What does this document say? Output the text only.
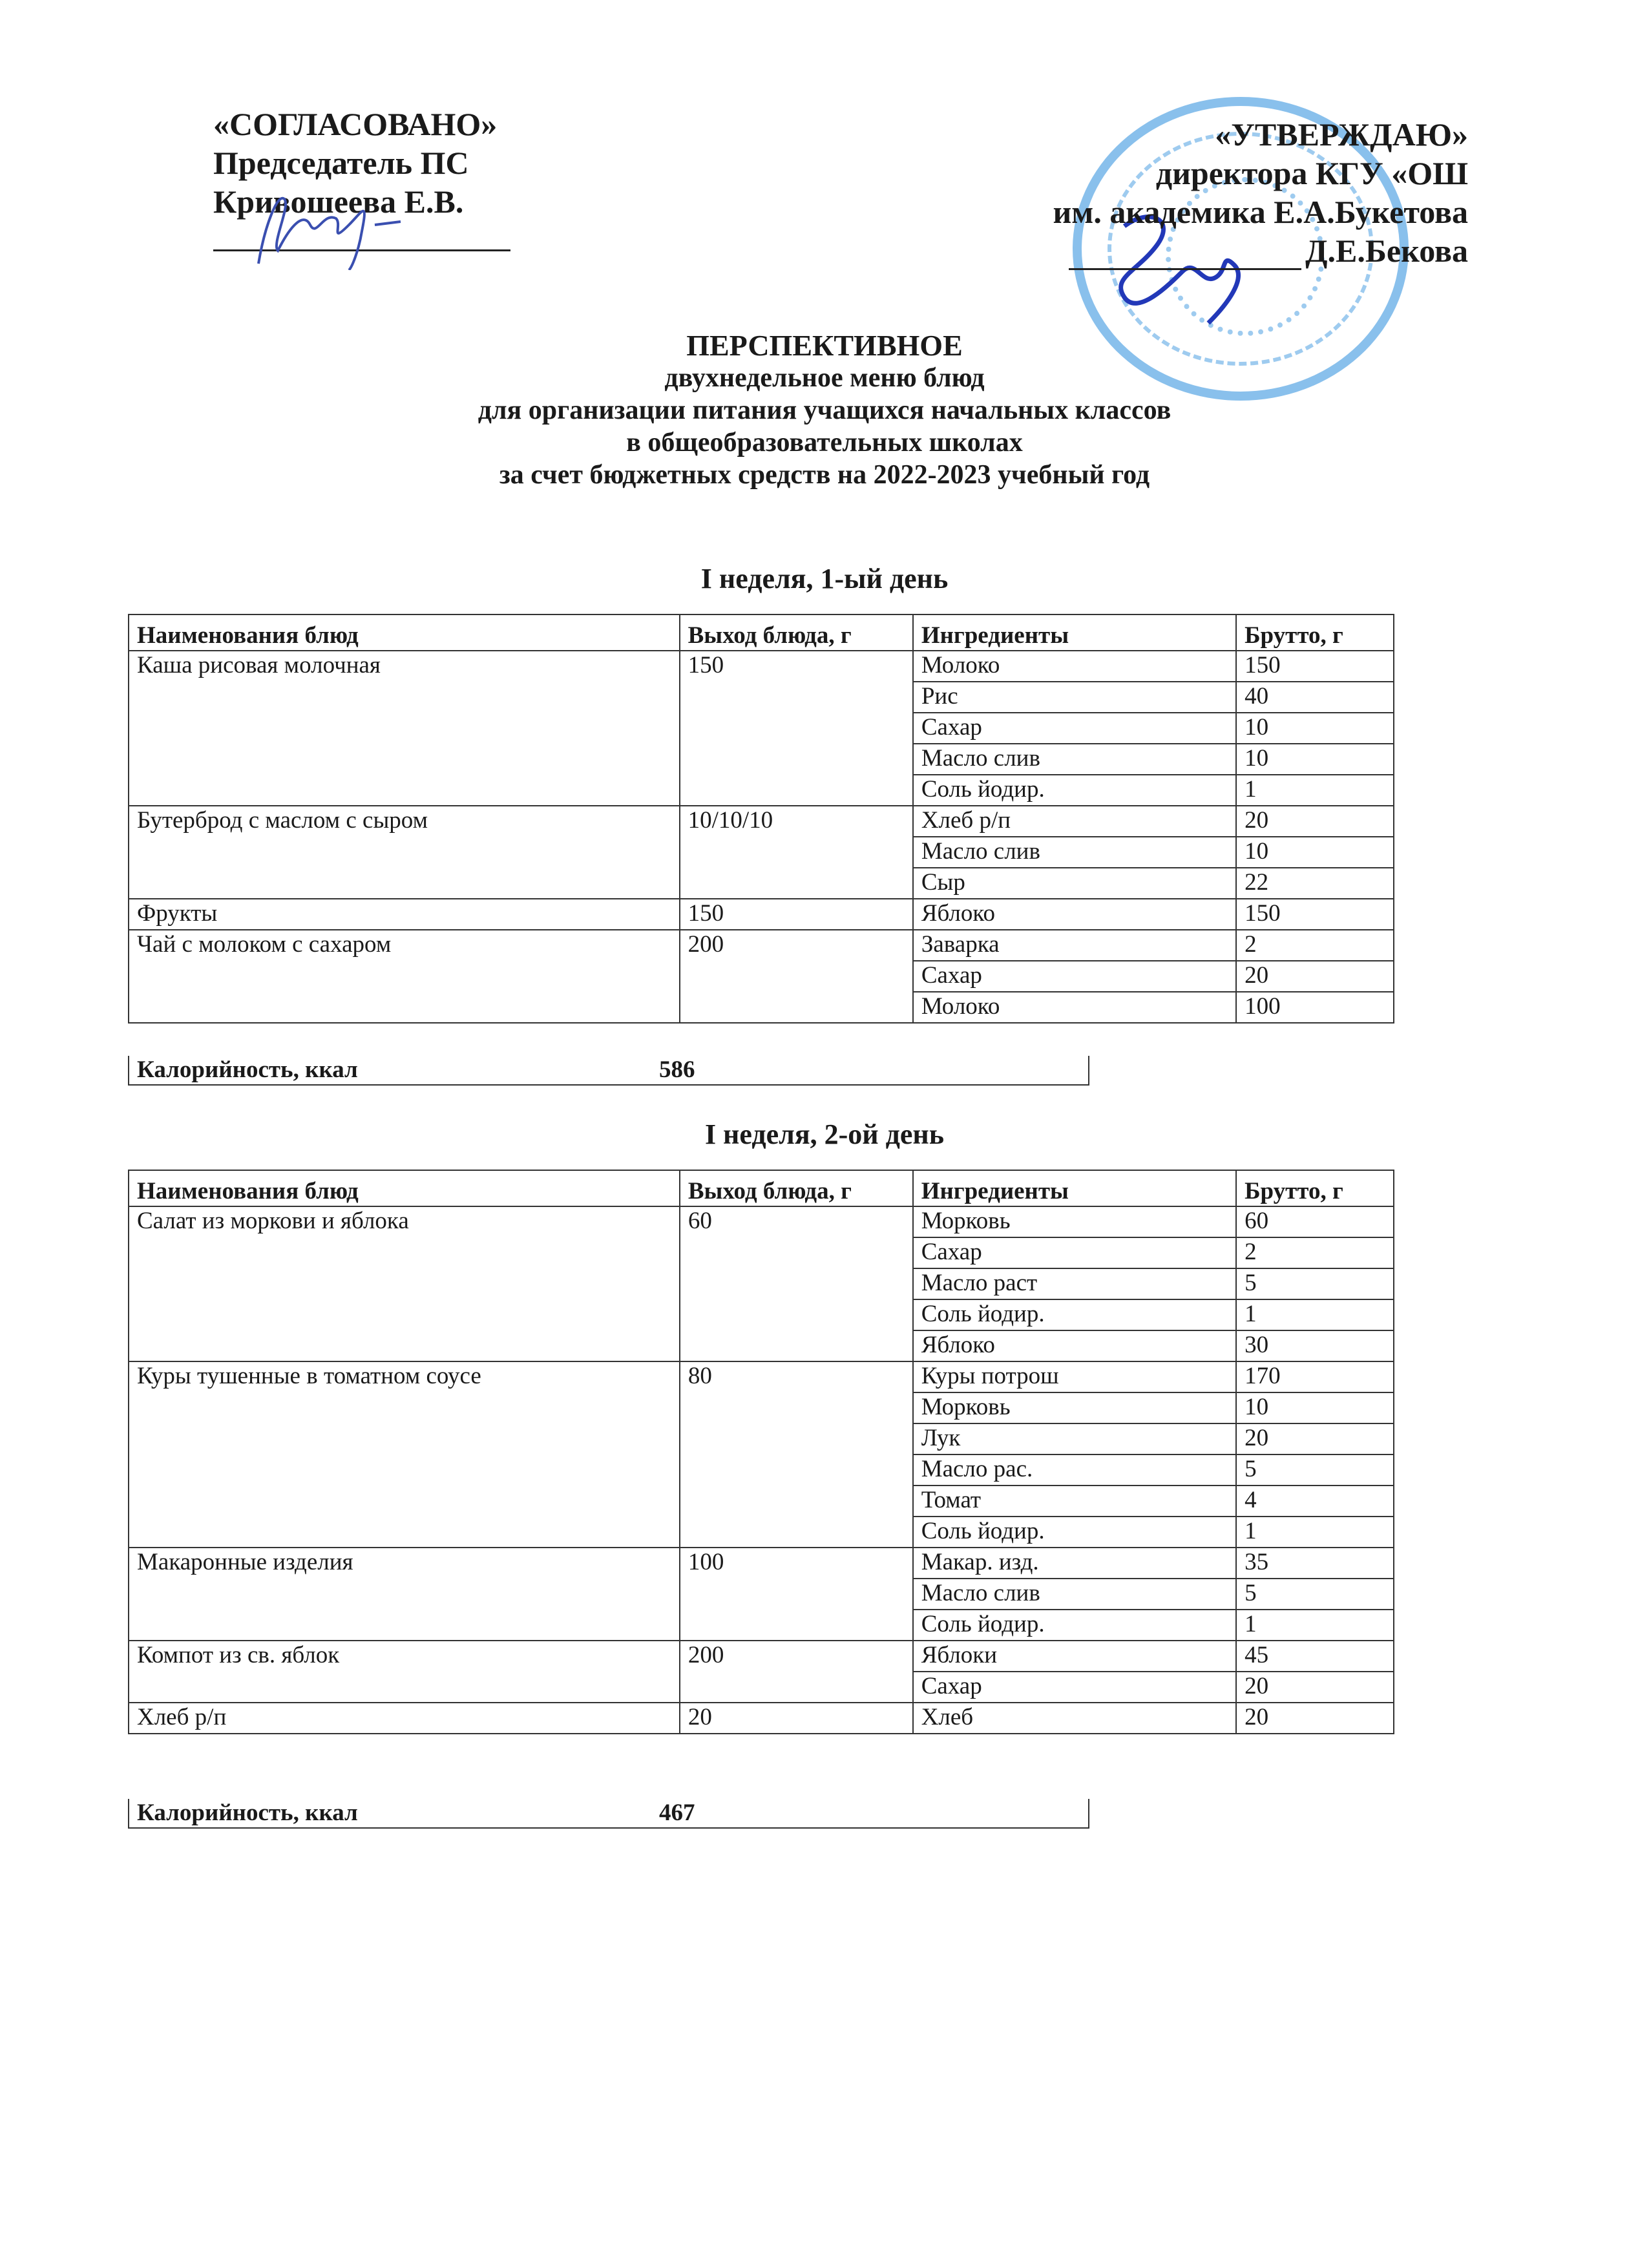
«СОГЛАСОВАНО»
Председатель ПС
Кривошеева Е.В.
«УТВЕРЖДАЮ»
директора КГУ «ОШ
им. академика Е.А.Букетова
Д.Е.Бекова
ПЕРСПЕКТИВНОЕ
двухнедельное меню блюд
для организации питания учащихся начальных классов
в общеобразовательных школах
за счет бюджетных средств на 2022-2023 учебный год
I неделя, 1-ый день
Наименования блюд	Выход блюда, г	Ингредиенты	Брутто, г
Каша рисовая молочная	150	Молоко	150
		Рис	40
		Сахар	10
		Масло слив	10
		Соль йодир.	1
Бутерброд с маслом с сыром	10/10/10	Хлеб р/п	20
		Масло слив	10
		Сыр	22
Фрукты	150	Яблоко	150
Чай с молоком с сахаром	200	Заварка	2
		Сахар	20
		Молоко	100
Калорийность, ккал	586
I неделя, 2-ой день
Наименования блюд	Выход блюда, г	Ингредиенты	Брутто, г
Салат из моркови и яблока	60	Морковь	60
		Сахар	2
		Масло раст	5
		Соль йодир.	1
		Яблоко	30
Куры тушенные в томатном соусе	80	Куры потрош	170
		Морковь	10
		Лук	20
		Масло рас.	5
		Томат	4
		Соль йодир.	1
Макаронные изделия	100	Макар. изд.	35
		Масло слив	5
		Соль йодир.	1
Компот из св. яблок	200	Яблоки	45
		Сахар	20
Хлеб р/п	20	Хлеб	20
Калорийность, ккал	467
